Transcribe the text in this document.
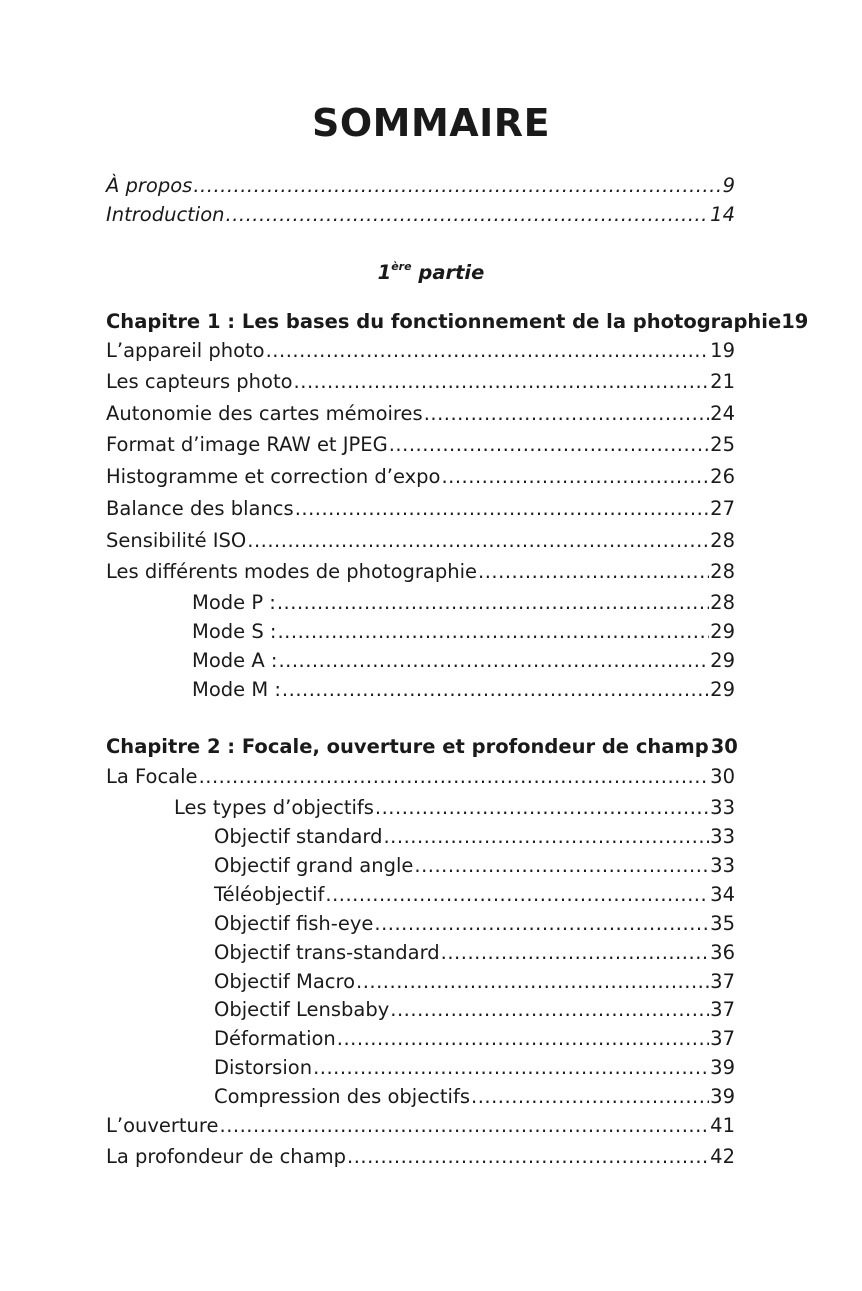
SOMMAIRE
À propos .....	9
Introduction .....	14
1ère partie
Chapitre 1 : Les bases du fonctionnement de la photographie 19
L’appareil photo .....	19
Les capteurs photo .....	21
Autonomie des cartes mémoires .....	24
Format d’image RAW et JPEG .....	25
Histogramme et correction d’expo .....	26
Balance des blancs .....	27
Sensibilité ISO .....	28
Les différents modes de photographie .....	28
Mode P : .....	28
Mode S : .....	29
Mode A : .....	29
Mode M : .....	29
Chapitre 2 : Focale, ouverture et profondeur de champ 30
La Focale .....	30
Les types d’objectifs .....	33
Objectif standard .....	33
Objectif grand angle .....	33
Téléobjectif .....	34
Objectif fish-eye .....	35
Objectif trans-standard .....	36
Objectif Macro .....	37
Objectif Lensbaby .....	37
Déformation .....	37
Distorsion .....	39
Compression des objectifs .....	39
L’ouverture .....	41
La profondeur de champ .....	42
